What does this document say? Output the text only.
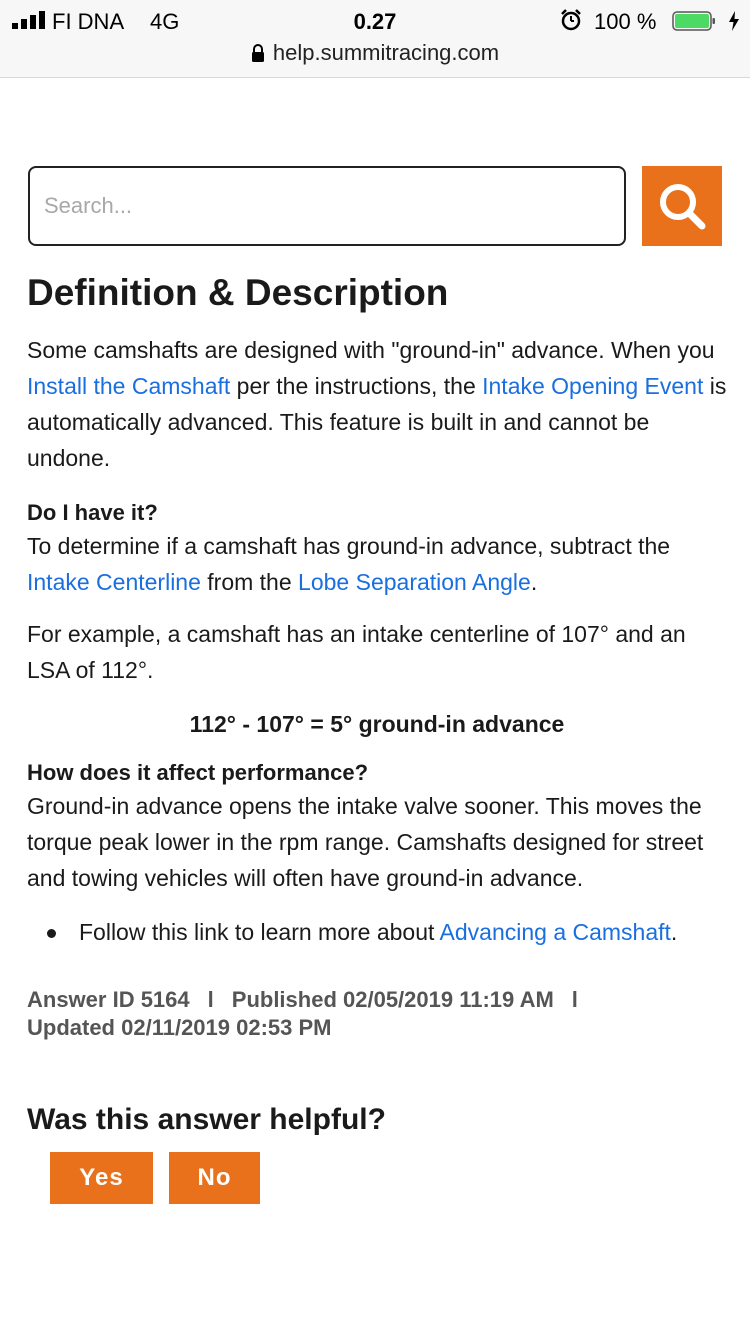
FI DNA 4G	0.27	100 %
help.summitracing.com
Search...
Definition & Description

Some camshafts are designed with "ground-in" advance. When you Install the Camshaft per the instructions, the Intake Opening Event is automatically advanced. This feature is built in and cannot be undone.

Do I have it?

To determine if a camshaft has ground-in advance, subtract the Intake Centerline from the Lobe Separation Angle.

For example, a camshaft has an intake centerline of 107° and an LSA of 112°.

112° - 107° = 5° ground-in advance
How does it affect performance?

Ground-in advance opens the intake valve sooner. This moves the torque peak lower in the rpm range. Camshafts designed for street and towing vehicles will often have ground-in advance.

Follow this link to learn more about Advancing a Camshaft.
Answer ID 5164 l Published 02/05/2019 11:19 AM l
Updated 02/11/2019 02:53 PM
Was this answer helpful?
Yes	No
